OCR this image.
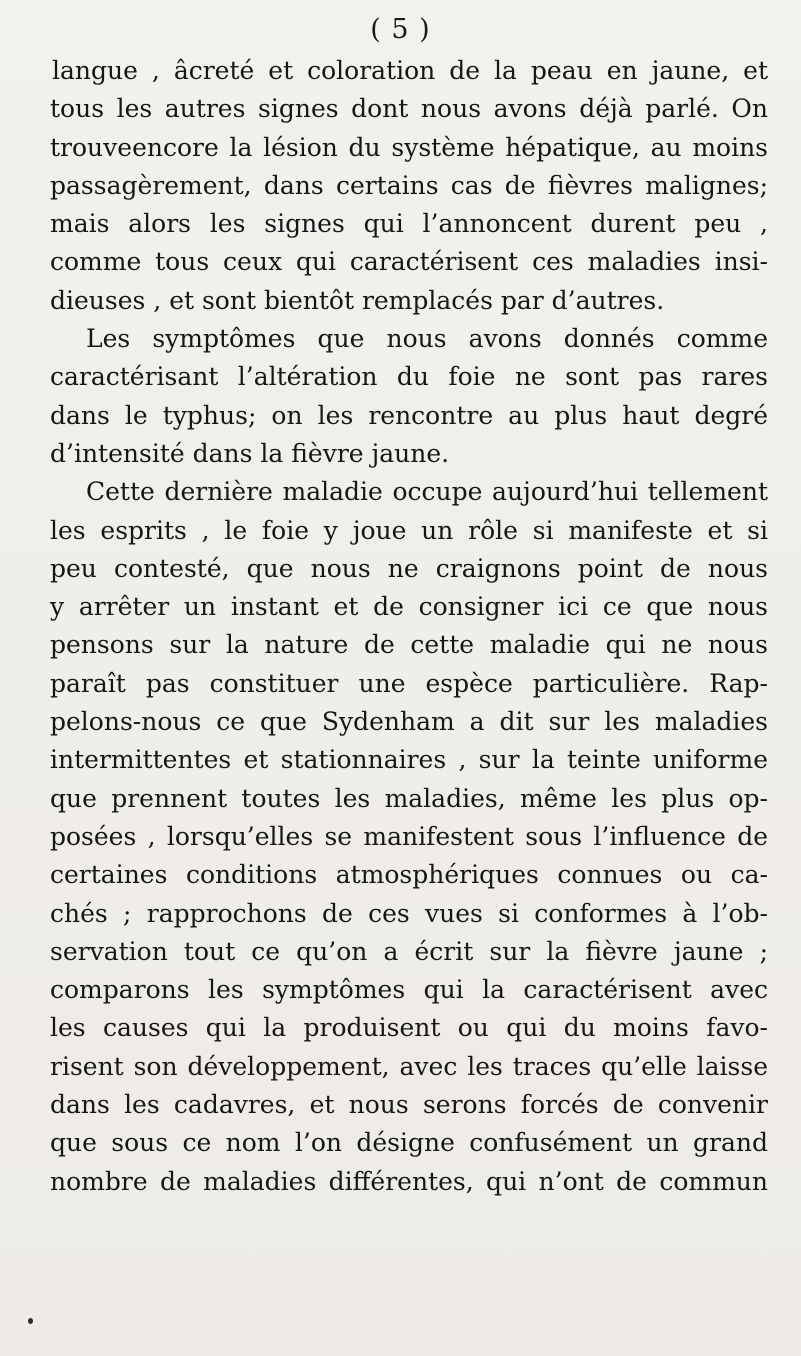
( 5 )
langue , âcreté et coloration de la peau en jaune, et
tous les autres signes dont nous avons déjà parlé. On
trouveencore la lésion du système hépatique, au moins
passagèrement, dans certains cas de fièvres malignes;
mais alors les signes qui l’annoncent durent peu ,
comme tous ceux qui caractérisent ces maladies insi-
dieuses , et sont bientôt remplacés par d’autres.
Les symptômes que nous avons donnés comme
caractérisant l’altération du foie ne sont pas rares
dans le typhus; on les rencontre au plus haut degré
d’intensité dans la fièvre jaune.
Cette dernière maladie occupe aujourd’hui tellement
les esprits , le foie y joue un rôle si manifeste et si
peu contesté, que nous ne craignons point de nous
y arrêter un instant et de consigner ici ce que nous
pensons sur la nature de cette maladie qui ne nous
paraît pas constituer une espèce particulière. Rap-
pelons-nous ce que Sydenham a dit sur les maladies
intermittentes et stationnaires , sur la teinte uniforme
que prennent toutes les maladies, même les plus op-
posées , lorsqu’elles se manifestent sous l’influence de
certaines conditions atmosphériques connues ou ca-
chés ; rapprochons de ces vues si conformes à l’ob-
servation tout ce qu’on a écrit sur la fièvre jaune ;
comparons les symptômes qui la caractérisent avec
les causes qui la produisent ou qui du moins favo-
risent son développement, avec les traces qu’elle laisse
dans les cadavres, et nous serons forcés de convenir
que sous ce nom l’on désigne confusément un grand
nombre de maladies différentes, qui n’ont de commun
